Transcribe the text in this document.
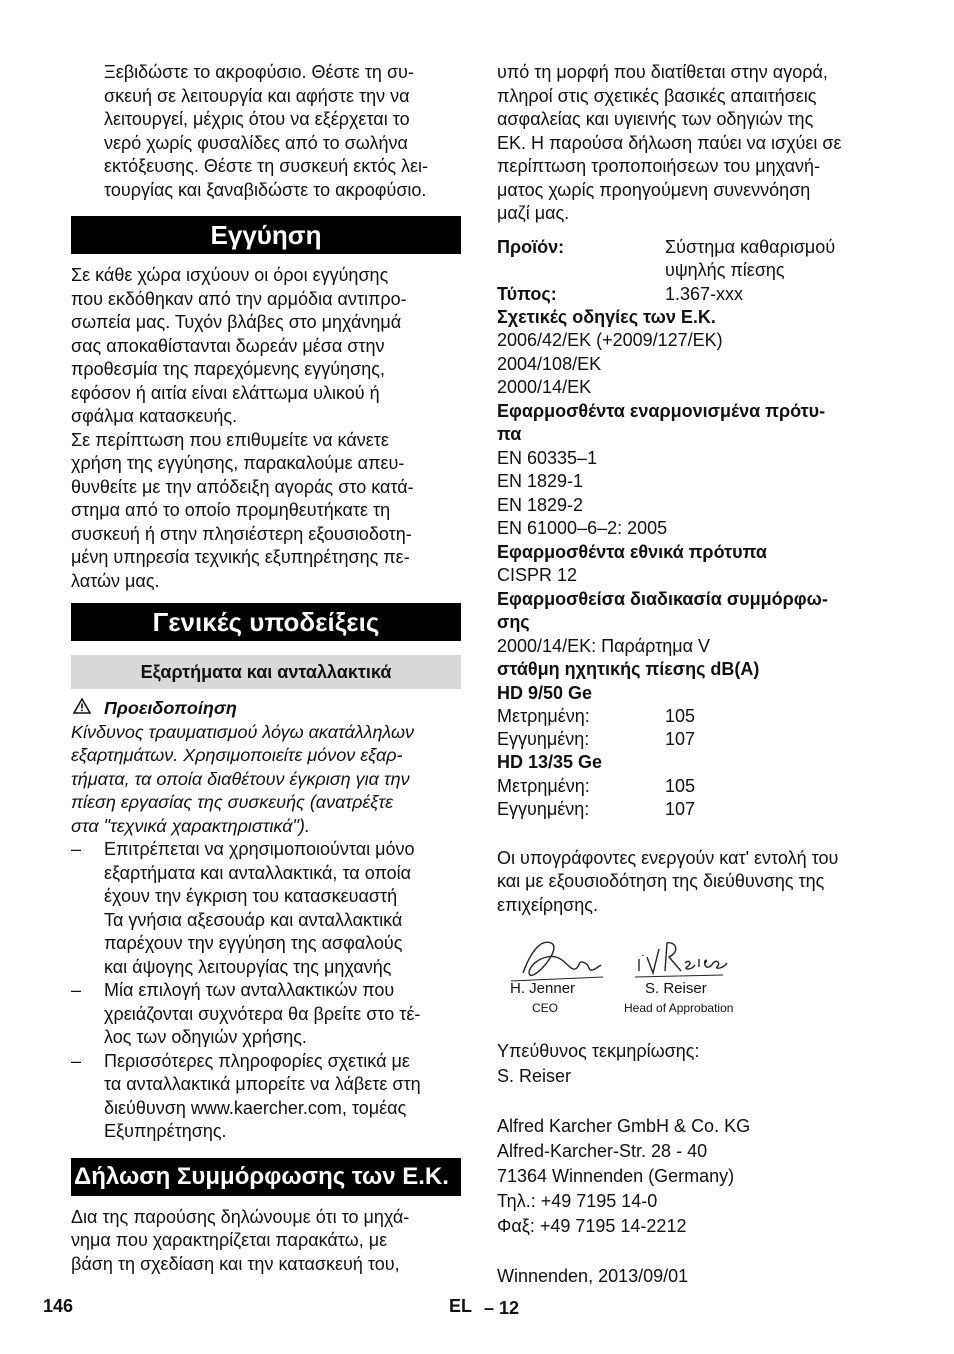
Ξεβιδώστε το ακροφύσιο. Θέστε τη συ-

σκευή σε λειτουργία και αφήστε την να

λειτουργεί, μέχρις ότου να εξέρχεται το

νερό χωρίς φυσαλίδες από το σωλήνα

εκτόξευσης. Θέστε τη συσκευή εκτός λει-

τουργίας και ξαναβιδώστε το ακροφύσιο.

Εγγύηση

Σε κάθε χώρα ισχύουν οι όροι εγγύησης

που εκδόθηκαν από την αρμόδια αντιπρο-

σωπεία μας. Τυχόν βλάβες στο μηχάνημά

σας αποκαθίστανται δωρεάν μέσα στην

προθεσμία της παρεχόμενης εγγύησης,

εφόσον ή αιτία είναι ελάττωμα υλικού ή

σφάλμα κατασκευής.

Σε περίπτωση που επιθυμείτε να κάνετε

χρήση της εγγύησης, παρακαλούμε απευ-

θυνθείτε με την απόδειξη αγοράς στο κατά-

στημα από το οποίο προμηθευτήκατε τη

συσκευή ή στην πλησιέστερη εξουσιοδοτη-

μένη υπηρεσία τεχνικής εξυπηρέτησης πε-

λατών μας.

Γενικές υποδείξεις
Εξαρτήματα και ανταλλακτικά
Προειδοποίηση

Κίνδυνος τραυματισμού λόγω ακατάλληλων

εξαρτημάτων. Χρησιμοποιείτε μόνον εξαρ-

τήματα, τα οποία διαθέτουν έγκριση για την

πίεση εργασίας της συσκευής (ανατρέξτε

στα "τεχνικά χαρακτηριστικά").

–	Επιτρέπεται να χρησιμοποιούνται μόνο

εξαρτήματα και ανταλλακτικά, τα οποία

έχουν την έγκριση του κατασκευαστή

Τα γνήσια αξεσουάρ και ανταλλακτικά

παρέχουν την εγγύηση της ασφαλούς

και άψογης λειτουργίας της μηχανής

–	Μία επιλογή των ανταλλακτικών που

χρειάζονται συχνότερα θα βρείτε στο τέ-

λος των οδηγιών χρήσης.

–	Περισσότερες πληροφορίες σχετικά με

τα ανταλλακτικά μπορείτε να λάβετε στη

διεύθυνση www.kaercher.com, τομέας

Εξυπηρέτησης.

Δήλωση Συμμόρφωσης των Ε.Κ.

Δια της παρούσης δηλώνουμε ότι το μηχά-

νημα που χαρακτηρίζεται παρακάτω, με

βάση τη σχεδίαση και την κατασκευή του,

υπό τη μορφή που διατίθεται στην αγορά,

πληροί στις σχετικές βασικές απαιτήσεις

ασφαλείας και υγιεινής των οδηγιών της

ΕΚ. Η παρούσα δήλωση παύει να ισχύει σε

περίπτωση τροποποιήσεων του μηχανή-

ματος χωρίς προηγούμενη συνεννόηση

μαζί μας.

Προϊόν:	Σύστημα καθαρισμού

υψηλής πίεσης

Τύπος:	1.367-xxx

Σχετικές οδηγίες των Ε.Κ.

2006/42/EK (+2009/127/EK)

2004/108/EK

2000/14/EK

Εφαρμοσθέντα εναρμονισμένα πρότυ-

πα

EN 60335–1

EN 1829-1

EN 1829-2

EN 61000–6–2: 2005

Εφαρμοσθέντα εθνικά πρότυπα

CISPR 12

Εφαρμοσθείσα διαδικασία συμμόρφω-

σης

2000/14/ΕΚ: Παράρτημα V

στάθμη ηχητικής πίεσης dB(A)

HD 9/50 Ge

Μετρημένη:	105
Εγγυημένη:	107

HD 13/35 Ge

Μετρημένη:	105
Εγγυημένη:	107

Οι υπογράφοντες ενεργούν κατ' εντολή του

και με εξουσιοδότηση της διεύθυνσης της

επιχείρησης.

H. Jenner
CEO
S. Reiser
Head of Approbation

Υπεύθυνος τεκμηρίωσης:

S. Reiser

Alfred Karcher GmbH & Co. KG

Alfred-Karcher-Str. 28 - 40

71364 Winnenden (Germany)

Τηλ.: +49 7195 14-0

Φαξ: +49 7195 14-2212

Winnenden, 2013/09/01

146	EL – 12
